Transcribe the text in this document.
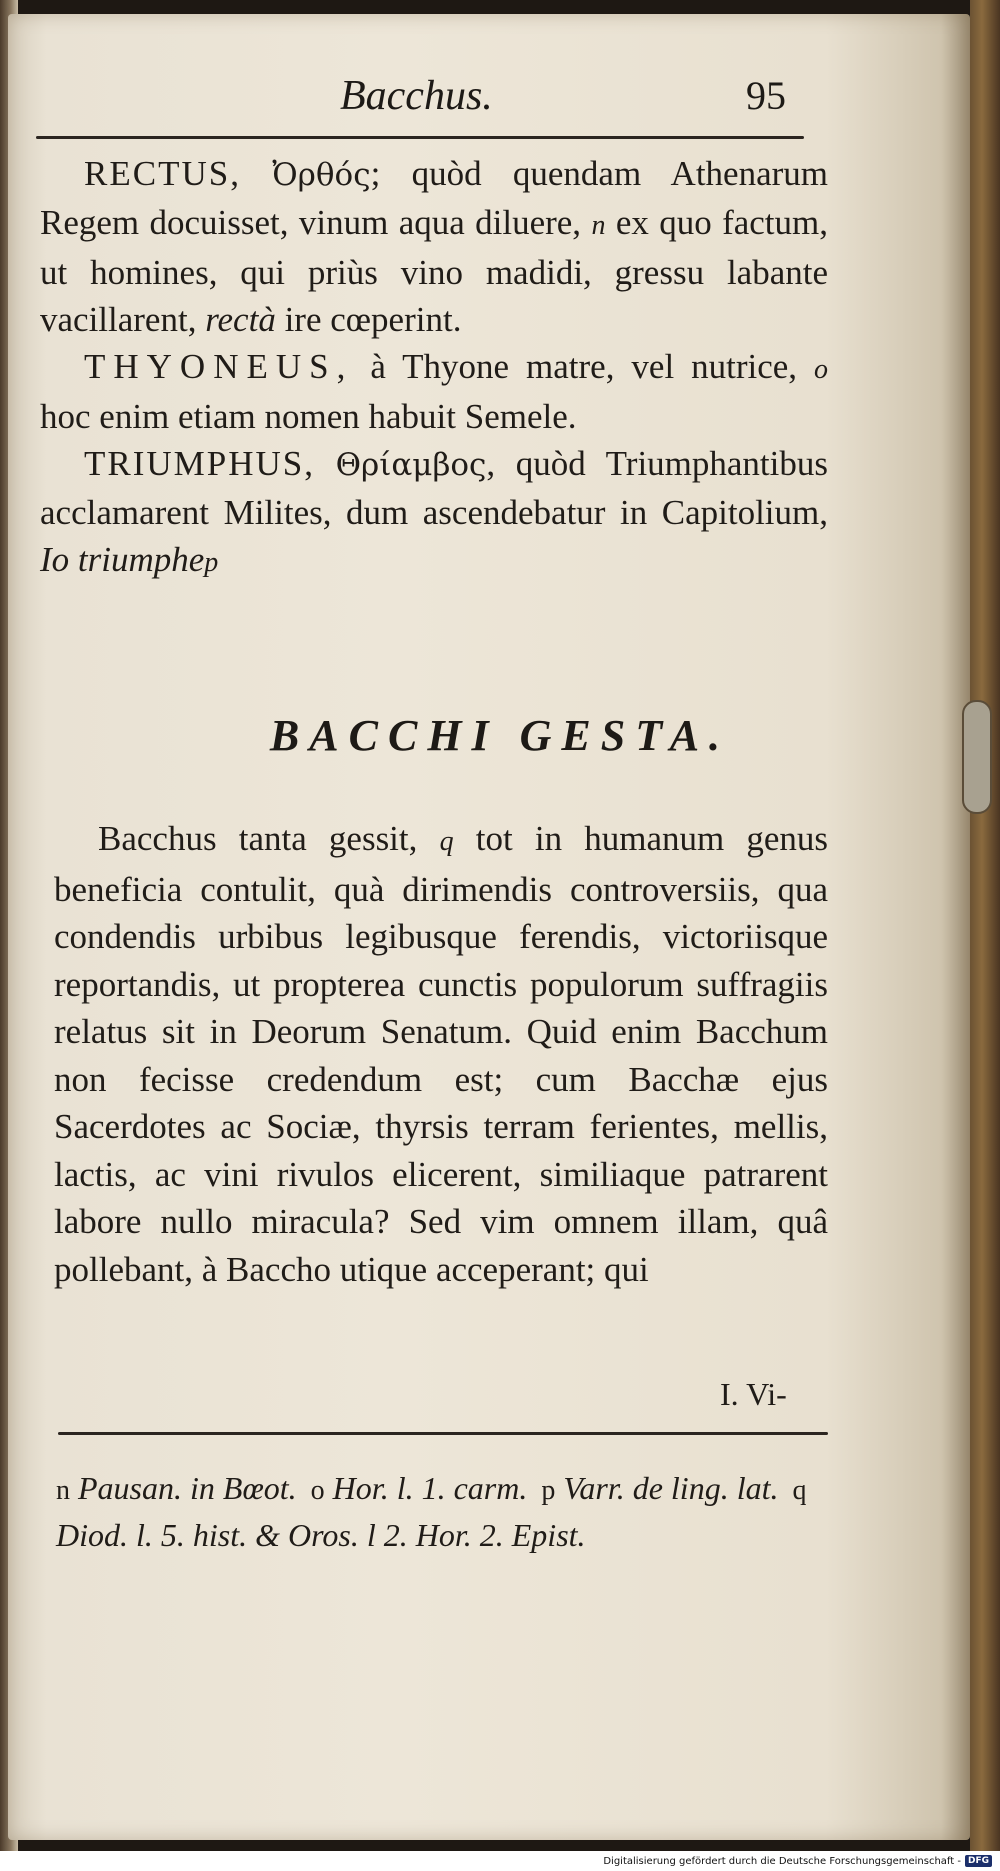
Bacchus.	95

RECTUS, Ὀρθός; quòd quendam Athenarum Regem docuisset, vinum aqua diluere, n ex quo factum, ut homines, qui priùs vino madidi, gressu labante vacillarent, rectà ire cœperint.

THYONEUS, à Thyone matre, vel nutrice, o hoc enim etiam nomen habuit Semele.

TRIUMPHUS, Θρίαμβος, quòd Triumphantibus acclamarent Milites, dum ascendebatur in Capitolium, Io triumphep

BACCHI GESTA.

Bacchus tanta gessit, q tot in humanum genus beneficia contulit, quà dirimendis controversiis, qua condendis urbibus legibusque ferendis, victoriisque reportandis, ut propterea cunctis populorum suffragiis relatus sit in Deorum Senatum. Quid enim Bacchum non fecisse credendum est; cum Bacchæ ejus Sacerdotes ac Sociæ, thyrsis terram ferientes, mellis, lactis, ac vini rivulos elicerent, similiaque patrarent labore nullo miracula? Sed vim omnem illam, quâ pollebant, à Baccho utique acceperant; qui

I. Vi-
n Pausan. in Bœot. o Hor. l. 1. carm. p Varr. de ling. lat. q Diod. l. 5. hist. & Oros. l 2. Hor. 2. Epist.
Digitalisierung gefördert durch die Deutsche Forschungsgemeinschaft - DFG
